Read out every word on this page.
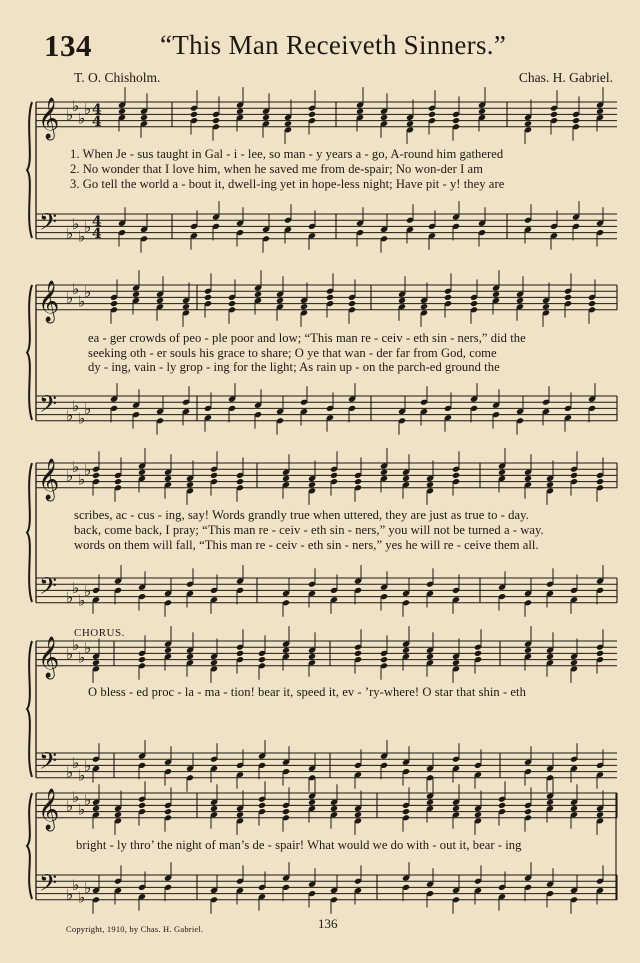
𝄞
𝄢
♭
♭
♭
♭
♭
♭
♭
♭
4
4
4
4
𝄞
𝄢
♭
♭
♭
♭
♭
♭
♭
♭
𝄞
𝄢
♭
♭
♭
♭
♭
♭
♭
♭
𝄞
𝄢
♭
♭
♭
♭
♭
♭
♭
♭
𝄞
𝄢
♭
♭
♭
♭
♭
♭
♭
♭
134	“This Man Receiveth Sinners.”
T. O. Chisholm.	Chas. H. Gabriel.
1. When Je - sus taught in Gal - i - lee, so man - y years a - go, A-round him gathered
2. No wonder that I love him, when he saved me from de-spair; No won-der I am
3. Go tell the world a - bout it, dwell-ing yet in hope-less night; Have pit - y! they are
ea - ger crowds of peo - ple poor and low; “This man re - ceiv - eth sin - ners,” did the
seeking oth - er souls his grace to share; O ye that wan - der far from God, come
dy - ing, vain - ly grop - ing for the light; As rain up - on the parch-ed ground the
scribes, ac - cus - ing, say! Words grandly true when uttered, they are just as true to - day.
back, come back, I pray; “This man re - ceiv - eth sin - ners,” you will not be turned a - way.
words on them will fall, “This man re - ceiv - eth sin - ners,” yes he will re - ceive them all.
CHORUS.
O bless - ed proc - la - ma - tion! bear it, speed it, ev - ’ry-where! O star that shin - eth
bright - ly thro’ the night of man’s de - spair! What would we do with - out it, bear - ing
Copyright, 1910, by Chas. H. Gabriel.	136
